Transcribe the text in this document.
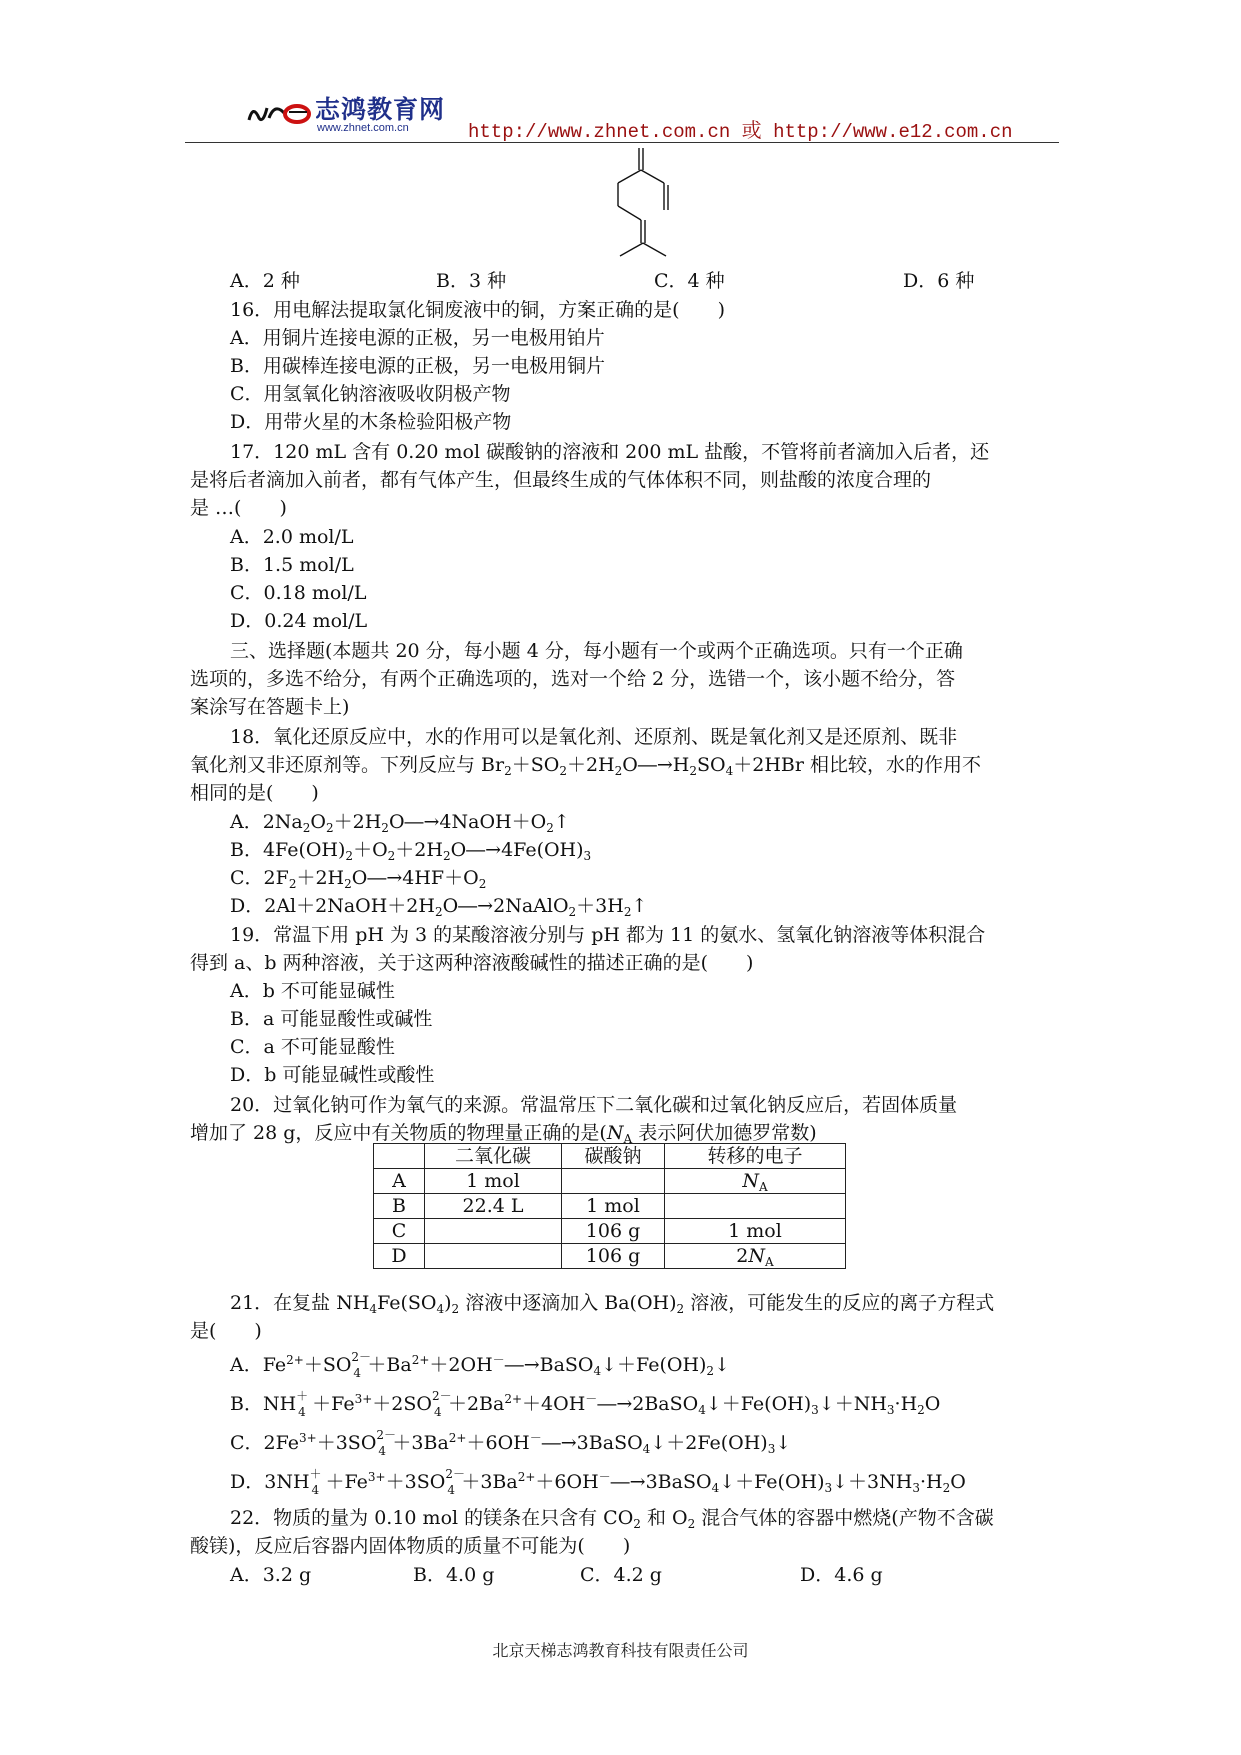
志鸿教育网
www.zhnet.com.cn	http://www.zhnet.com.cn 或 http://www.e12.com.cn
A．2 种	B．3 种	C．4 种	D．6 种
16．用电解法提取氯化铜废液中的铜，方案正确的是(　　)
A．用铜片连接电源的正极，另一电极用铂片
B．用碳棒连接电源的正极，另一电极用铜片
C．用氢氧化钠溶液吸收阴极产物
D．用带火星的木条检验阳极产物
17．120 mL 含有 0.20 mol 碳酸钠的溶液和 200 mL 盐酸，不管将前者滴加入后者，还
是将后者滴加入前者，都有气体产生，但最终生成的气体体积不同，则盐酸的浓度合理的
是 …(　　)
A．2.0 mol/L
B．1.5 mol/L
C．0.18 mol/L
D．0.24 mol/L
三、选择题(本题共 20 分，每小题 4 分，每小题有一个或两个正确选项。只有一个正确
选项的，多选不给分，有两个正确选项的，选对一个给 2 分，选错一个，该小题不给分，答
案涂写在答题卡上)
18．氧化还原反应中，水的作用可以是氧化剂、还原剂、既是氧化剂又是还原剂、既非
氧化剂又非还原剂等。下列反应与 $Br_2+SO_2+2H_2O―\to H_2SO_4+2HBr$ 相比较，水的作用不
相同的是(　　)
A．$2Na_2O_2+2H_2O―\to 4NaOH+O_2↑$
B．$4Fe(OH)_2+O_2+2H_2O―\to 4Fe(OH)_3$
C．$2F_2+2H_2O―\to 4HF+O_2$
D．$2Al+2NaOH+2H_2O―\to 2NaAlO_2+3H_2↑$
19．常温下用 pH 为 3 的某酸溶液分别与 pH 都为 11 的氨水、氢氧化钠溶液等体积混合
得到 a、b 两种溶液，关于这两种溶液酸碱性的描述正确的是(　　)
A．b 不可能显碱性
B．a 可能显酸性或碱性
C．a 不可能显酸性
D．b 可能显碱性或酸性
20．过氧化钠可作为氧气的来源。常温常压下二氧化碳和过氧化钠反应后，若固体质量
增加了 28 g，反应中有关物质的物理量正确的是($N_A$ 表示阿伏加德罗常数)
	二氧化碳	碳酸钠	转移的电子
A	1 mol		$N_A$
B	22.4 L	1 mol	
C		106 g	1 mol
D		106 g	$2N_A$
21．在复盐 $NH_4Fe(SO_4)_2$ 溶液中逐滴加入 $Ba(OH)_2$ 溶液，可能发生的反应的离子方程式
是(　　)
A．$Fe^{2+}+SO$ 2－
$4 +Ba^{2+}+2OH^-―\to BaSO_4↓+Fe(OH)_2↓$
B．NH ＋
$4 +Fe^{3+}+2SO$ 2－
$4 +2Ba^{2+}+4OH^-―\to 2BaSO_4↓+Fe(OH)_3↓+NH_3\cdot H_2O$
C．$2Fe^{3+}+3SO$ 2－
$4 +3Ba^{2+}+6OH^-―\to 3BaSO_4↓+2Fe(OH)_3↓$
D．3NH ＋
$4 +Fe^{3+}+3SO$ 2－
$4 +3Ba^{2+}+6OH^-―\to 3BaSO_4↓+Fe(OH)_3↓+3NH_3\cdot H_2O$
22．物质的量为 0.10 mol 的镁条在只含有 $CO_2$ 和 $O_2$ 混合气体的容器中燃烧(产物不含碳
酸镁)，反应后容器内固体物质的质量不可能为(　　)
A．3.2 g	B．4.0 g	C．4.2 g	D．4.6 g
北京天梯志鸿教育科技有限责任公司
